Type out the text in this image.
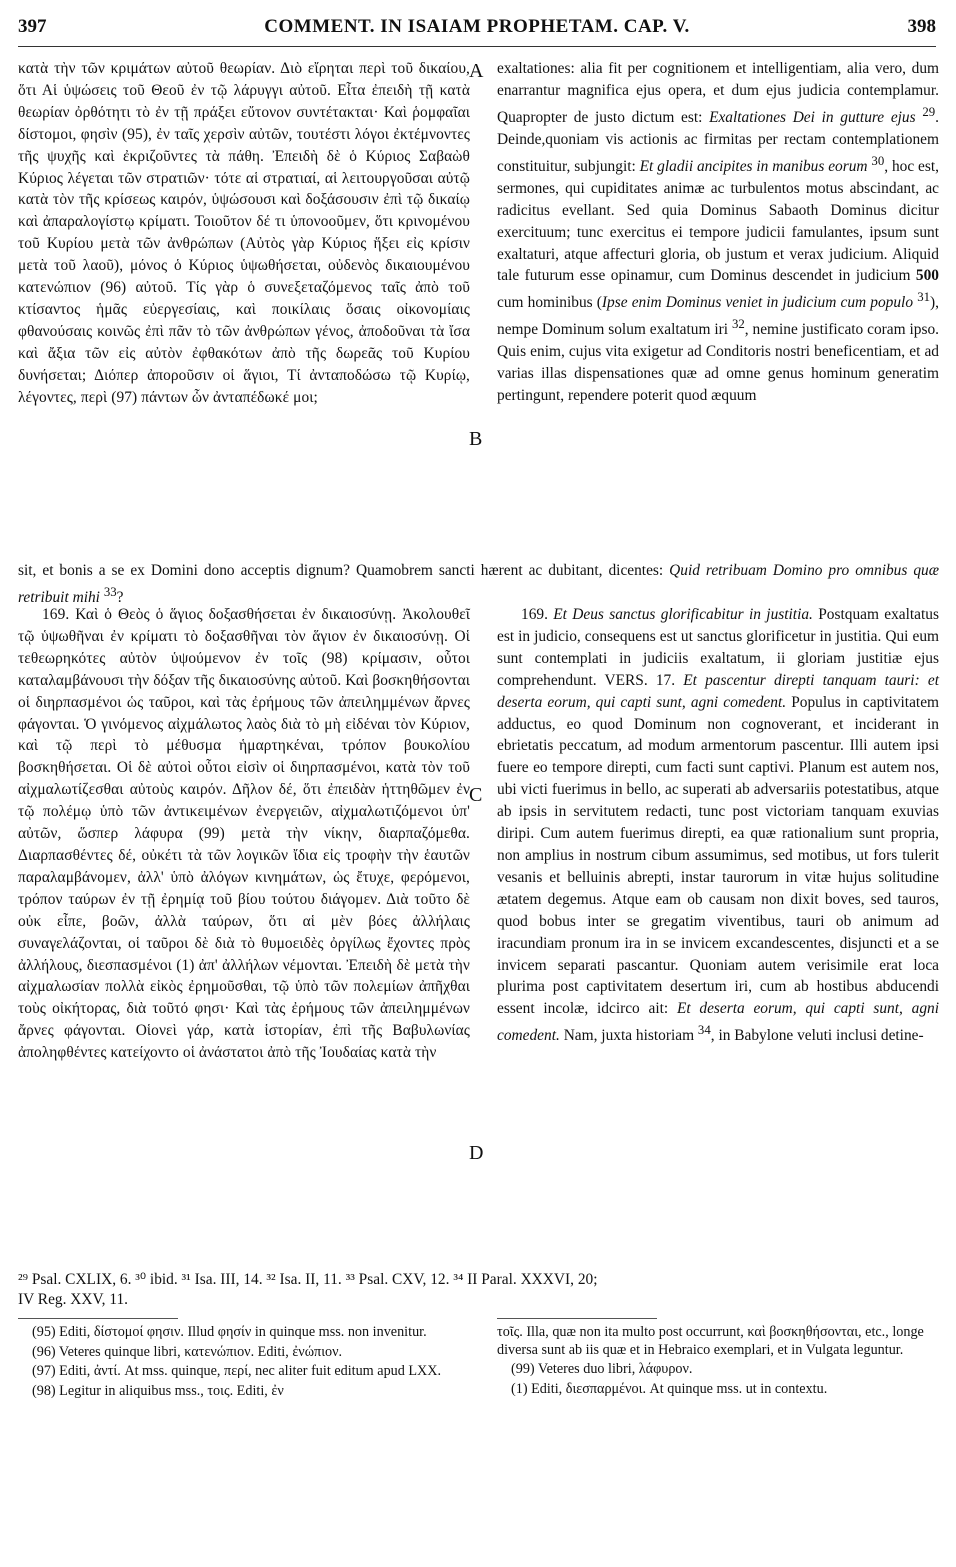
397	COMMENT. IN ISAIAM PROPHETAM. CAP. V.	398

κατὰ τὴν τῶν κριμάτων αὐτοῦ θεωρίαν. Διὸ εἴρηται περὶ τοῦ δικαίου, ὅτι Αἱ ὑψώσεις τοῦ Θεοῦ ἐν τῷ λάρυγγι αὐτοῦ. Εἶτα ἐπειδὴ τῇ κατὰ θεωρίαν ὀρθότητι τὸ ἐν τῇ πράξει εὔτονον συντέτακται· Καὶ ῥομφαῖαι δίστομοι, φησὶν (95), ἐν ταῖς χερσὶν αὐτῶν, τουτέστι λόγοι ἐκτέμνοντες τῆς ψυχῆς καὶ ἐκριζοῦντες τὰ πάθη. Ἐπειδὴ δὲ ὁ Κύριος Σαβαὼθ Κύριος λέγεται τῶν στρατιῶν· τότε αἱ στρατιαί, αἱ λειτουργοῦσαι αὐτῷ κατὰ τὸν τῆς κρίσεως καιρόν, ὑψώσουσι καὶ δοξάσουσιν ἐπὶ τῷ δικαίῳ καὶ ἀπαραλογίστῳ κρίματι. Τοιοῦτον δέ τι ὑπονοοῦμεν, ὅτι κρινομένου τοῦ Κυρίου μετὰ τῶν ἀνθρώπων (Αὐτὸς γὰρ Κύριος ἥξει εἰς κρίσιν μετὰ τοῦ λαοῦ), μόνος ὁ Κύριος ὑψωθήσεται, οὐδενὸς δικαιουμένου κατενώπιον (96) αὐτοῦ. Τίς γὰρ ὁ συνεξεταζόμενος ταῖς ἀπὸ τοῦ κτίσαντος ἡμᾶς εὐεργεσίαις, καὶ ποικίλαις ὅσαις οἰκονομίαις φθανούσαις κοινῶς ἐπὶ πᾶν τὸ τῶν ἀνθρώπων γένος, ἀποδοῦναι τὰ ἴσα καὶ ἄξια τῶν εἰς αὐτὸν ἐφθακότων ἀπὸ τῆς δωρεᾶς τοῦ Κυρίου δυνήσεται; Διόπερ ἀποροῦσιν οἱ ἅγιοι, Τί ἀνταποδώσω τῷ Κυρίῳ, λέγοντες, περὶ (97) πάντων ὧν ἀνταπέδωκέ μοι;

exaltationes: alia fit per cognitionem et intelligentiam, alia vero, dum enarrantur magnifica ejus opera, et dum ejus judicia contemplamur. Quapropter de justo dictum est: Exaltationes Dei in gutture ejus $^{29}$. Deinde,quoniam vis actionis ac firmitas per rectam contemplationem constituitur, subjungit: Et gladii ancipites in manibus eorum $^{30}$, hoc est, sermones, qui cupiditates animæ ac turbulentos motus abscindant, ac radicitus evellant. Sed quia Dominus Sabaoth Dominus dicitur exercituum; tunc exercitus ei tempore judicii famulantes, ipsum sunt exaltaturi, atque affecturi gloria, ob justum et verax judicium. Aliquid tale futurum esse opinamur, cum Dominus descendet in judicium 500 cum hominibus (Ipse enim Dominus veniet in judicium cum populo $^{31}$), nempe Dominum solum exaltatum iri $^{32}$, nemine justificato coram ipso. Quis enim, cujus vita exigetur ad Conditoris nostri beneficentiam, et ad varias illas dispensationes quæ ad omne genus hominum generatim pertingunt, rependere poterit quod æquum

A
B

sit, et bonis a se ex Domini dono acceptis dignum? Quamobrem sancti hærent ac dubitant, dicentes: Quid retribuam Domino pro omnibus quæ retribuit mihi $^{33}$?

169. Καὶ ὁ Θεὸς ὁ ἅγιος δοξασθήσεται ἐν δικαιοσύνῃ. Ἀκολουθεῖ τῷ ὑψωθῆναι ἐν κρίματι τὸ δοξασθῆναι τὸν ἅγιον ἐν δικαιοσύνῃ. Οἱ τεθεωρηκότες αὐτὸν ὑψούμενον ἐν τοῖς (98) κρίμασιν, οὗτοι καταλαμβάνουσι τὴν δόξαν τῆς δικαιοσύνης αὐτοῦ. Καὶ βοσκηθήσονται οἱ διηρπασμένοι ὡς ταῦροι, καὶ τὰς ἐρήμους τῶν ἀπειλημμένων ἄρνες φάγονται. Ὁ γινόμενος αἰχμάλωτος λαὸς διὰ τὸ μὴ εἰδέναι τὸν Κύριον, καὶ τῷ περὶ τὸ μέθυσμα ἡμαρτηκέναι, τρόπον βουκολίου βοσκηθήσεται. Οἱ δὲ αὐτοὶ οὗτοι εἰσὶν οἱ διηρπασμένοι, κατὰ τὸν τοῦ αἰχμαλωτίζεσθαι αὐτοὺς καιρόν. Δῆλον δέ, ὅτι ἐπειδὰν ἡττηθῶμεν ἐν τῷ πολέμῳ ὑπὸ τῶν ἀντικειμένων ἐνεργειῶν, αἰχμαλωτιζόμενοι ὑπ' αὐτῶν, ὥσπερ λάφυρα (99) μετὰ τὴν νίκην, διαρπαζόμεθα. Διαρπασθέντες δέ, οὐκέτι τὰ τῶν λογικῶν ἴδια εἰς τροφὴν τὴν ἑαυτῶν παραλαμβάνομεν, ἀλλ' ὑπὸ ἀλόγων κινημάτων, ὡς ἔτυχε, φερόμενοι, τρόπον ταύρων ἐν τῇ ἐρημίᾳ τοῦ βίου τούτου διάγομεν. Διὰ τοῦτο δὲ οὐκ εἶπε, βοῶν, ἀλλὰ ταύρων, ὅτι αἱ μὲν βόες ἀλλήλαις συναγελάζονται, οἱ ταῦροι δὲ διὰ τὸ θυμοειδὲς ὀργίλως ἔχοντες πρὸς ἀλλήλους, διεσπασμένοι (1) ἀπ' ἀλλήλων νέμονται. Ἐπειδὴ δὲ μετὰ τὴν αἰχμαλωσίαν πολλὰ εἰκὸς ἐρημοῦσθαι, τῷ ὑπὸ τῶν πολεμίων ἀπῆχθαι τοὺς οἰκήτορας, διὰ τοῦτό φησι· Καὶ τὰς ἐρήμους τῶν ἀπειλημμένων ἄρνες φάγονται. Οἱονεὶ γάρ, κατὰ ἱστορίαν, ἐπὶ τῆς Βαβυλωνίας ἀποληφθέντες κατείχοντο οἱ ἀνάστατοι ἀπὸ τῆς Ἰουδαίας κατὰ τὴν

169. Et Deus sanctus glorificabitur in justitia. Postquam exaltatus est in judicio, consequens est ut sanctus glorificetur in justitia. Qui eum sunt contemplati in judiciis exaltatum, ii gloriam justitiæ ejus comprehendunt. VERS. 17. Et pascentur direpti tanquam tauri: et deserta eorum, qui capti sunt, agni comedent. Populus in captivitatem adductus, eo quod Dominum non cognoverant, et inciderant in ebrietatis peccatum, ad modum armentorum pascentur. Illi autem ipsi fuere eo tempore direpti, cum facti sunt captivi. Planum est autem nos, ubi victi fuerimus in bello, ac superati ab adversariis potestatibus, atque ab ipsis in servitutem redacti, tunc post victoriam tanquam exuvias diripi. Cum autem fuerimus direpti, ea quæ rationalium sunt propria, non amplius in nostrum cibum assumimus, sed motibus, ut fors tulerit vesanis et belluinis abrepti, instar taurorum in vitæ hujus solitudine ætatem degemus. Atque eam ob causam non dixit boves, sed tauros, quod bobus inter se gregatim viventibus, tauri ob animum ad iracundiam pronum ira in se invicem excandescentes, disjuncti et a se invicem separati pascantur. Quoniam autem verisimile erat loca plurima post captivitatem desertum iri, cum ab hostibus abducendi essent incolæ, idcirco ait: Et deserta eorum, qui capti sunt, agni comedent. Nam, juxta historiam $^{34}$, in Babylone veluti inclusi detine-

C
D
²⁹ Psal. CXLIX, 6. ³⁰ ibid. ³¹ Isa. III, 14. ³² Isa. II, 11. ³³ Psal. CXV, 12. ³⁴ II Paral. XXXVI, 20;
IV Reg. XXV, 11.

(95) Editi, δίστομοί φησιν. Illud φησίν in quinque mss. non invenitur.

(96) Veteres quinque libri, κατενώπιον. Editi, ἐνώπιον.

(97) Editi, ἀντί. At mss. quinque, περί, nec aliter fuit editum apud LXX.

(98) Legitur in aliquibus mss., τοις. Editi, ἐν

τοῖς. Illa, quæ non ita multo post occurrunt, καὶ βοσκηθήσονται, etc., longe diversa sunt ab iis quæ et in Hebraico exemplari, et in Vulgata leguntur.

(99) Veteres duo libri, λάφυρον.

(1) Editi, διεσπαρμένοι. At quinque mss. ut in contextu.
